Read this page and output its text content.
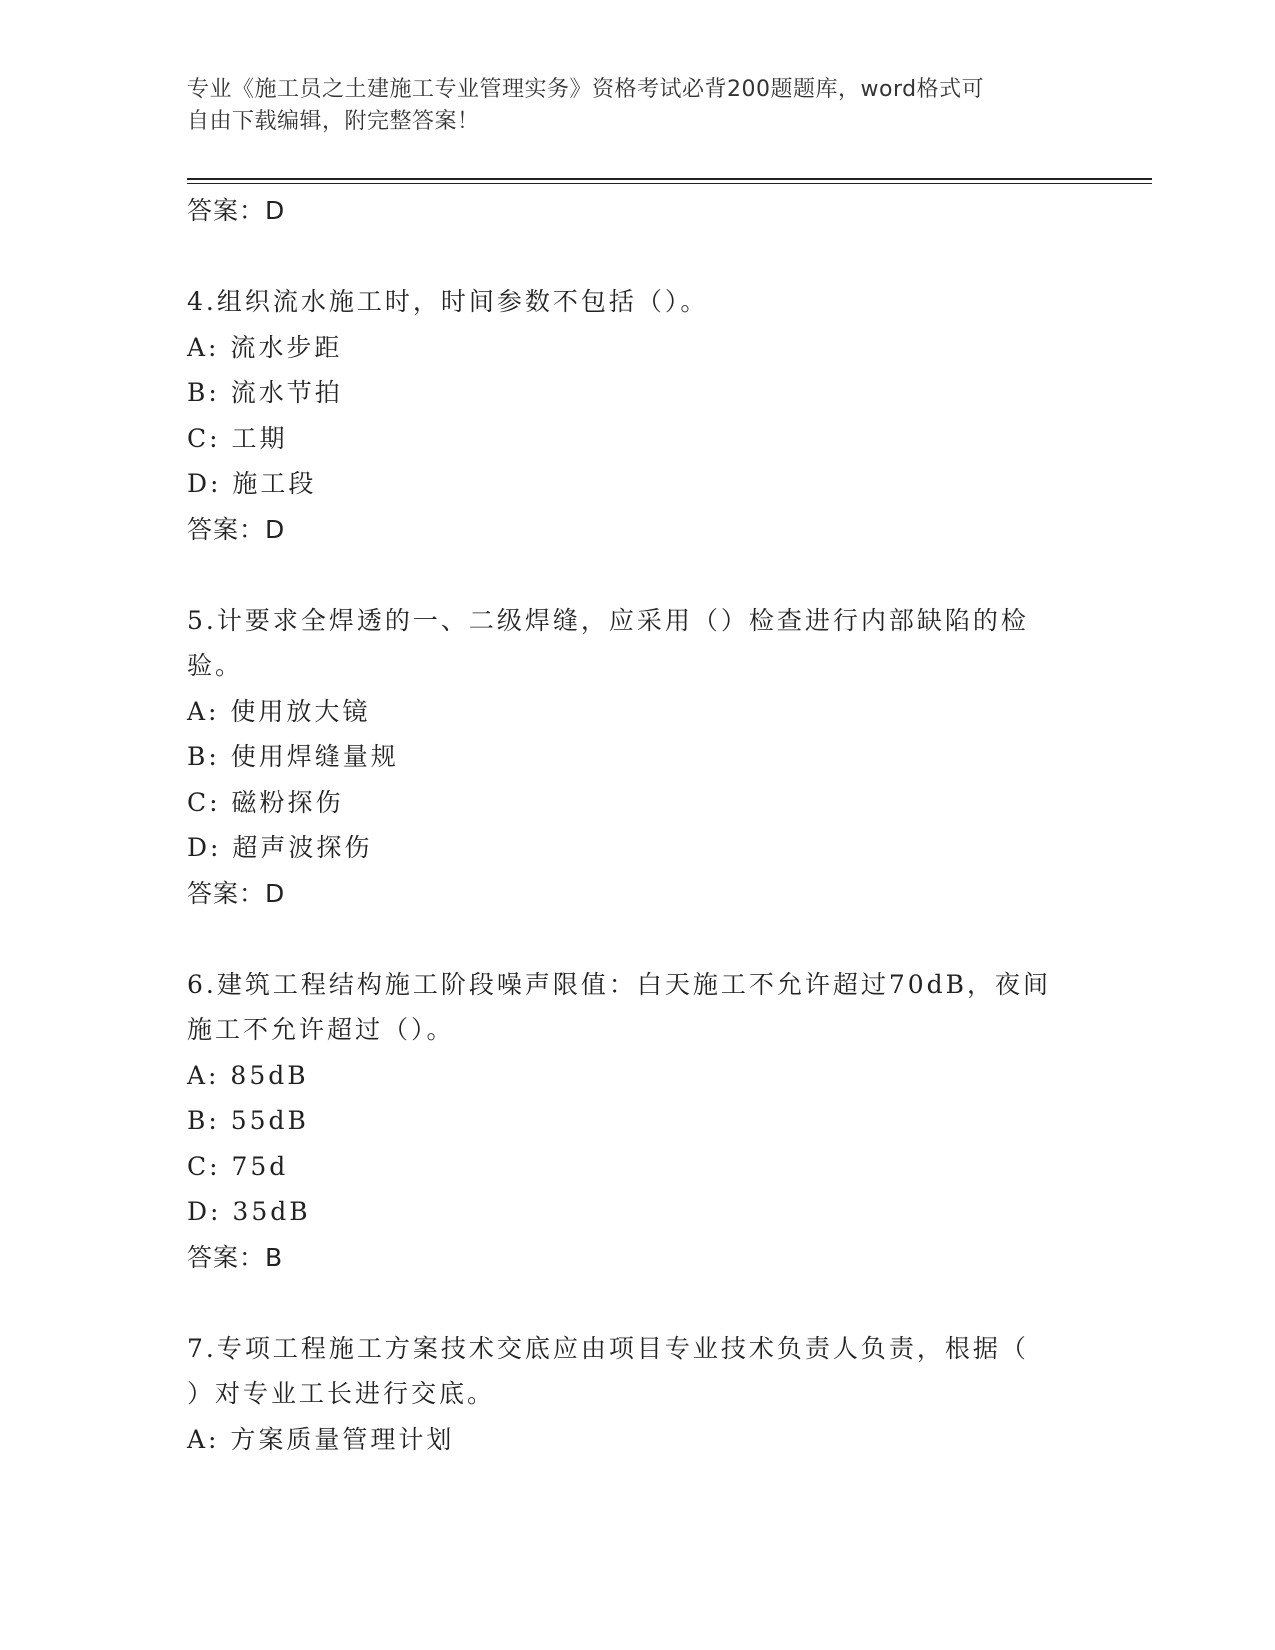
专业《施工员之土建施工专业管理实务》资格考试必背200题题库，word格式可
自由下载编辑，附完整答案！
答案：D
4.组织流水施工时，时间参数不包括（）。
A: 流水步距
B: 流水节拍
C: 工期
D: 施工段
答案：D
5.计要求全焊透的一、二级焊缝，应采用（）检查进行内部缺陷的检
验。
A: 使用放大镜
B: 使用焊缝量规
C: 磁粉探伤
D: 超声波探伤
答案：D
6.建筑工程结构施工阶段噪声限值：白天施工不允许超过70dB，夜间
施工不允许超过（）。
A: 85dB
B: 55dB
C: 75d
D: 35dB
答案：B
7.专项工程施工方案技术交底应由项目专业技术负责人负责，根据（
）对专业工长进行交底。
A: 方案质量管理计划
